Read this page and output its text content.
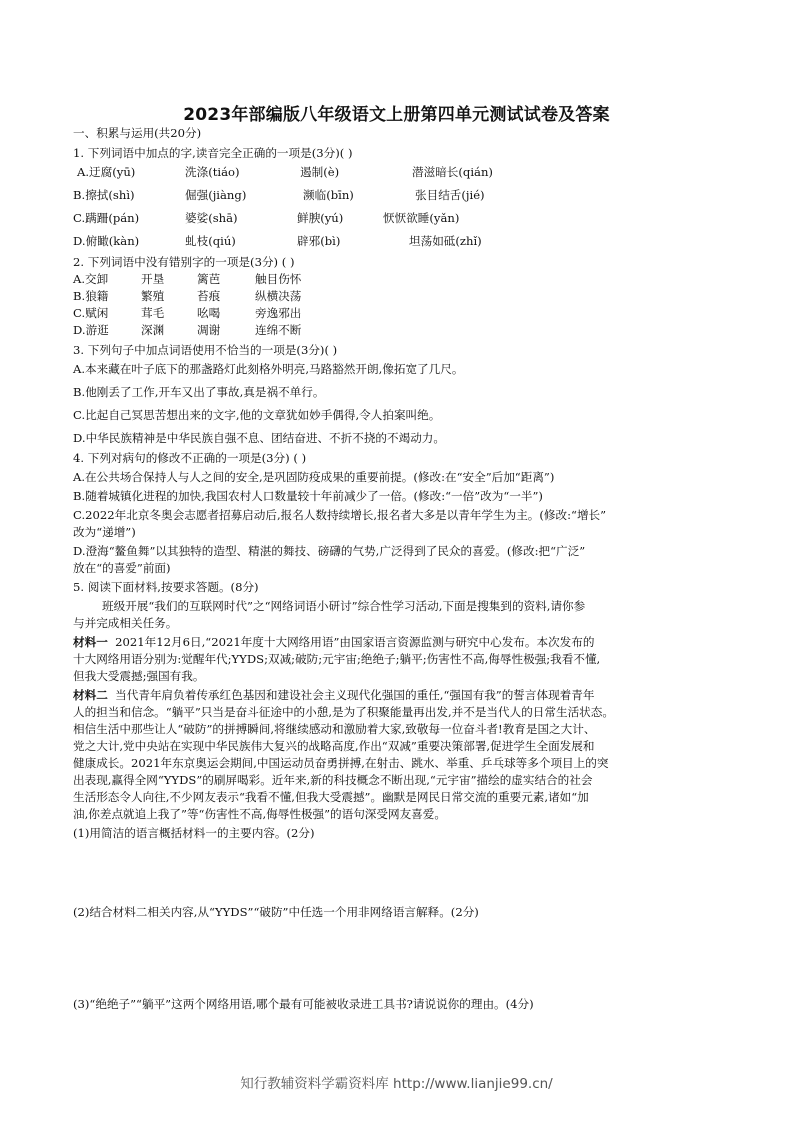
2023年部编版八年级语文上册第四单元测试试卷及答案
一、积累与运用(共20分)
1. 下列词语中加点的字,读音完全正确的一项是(3分)( )
A.迂腐(yū)	洗涤(tiáo)	遏制(è)	潜滋暗长(qián)
B.擦拭(shì)	倔强(jiàng)	濒临(bīn)	张目结舌(jié)
C.蹒跚(pán)	婆娑(shā)	鲜腴(yú)	恹恹欲睡(yǎn)
D.俯瞰(kàn)	虬枝(qiú)	辟邪(bì)	坦荡如砥(zhǐ)
2. 下列词语中没有错别字的一项是(3分) ( )
A.交卸	开垦	篱芭	触目伤怀
B.狼籍	繁殖	苔痕	纵横决荡
C.赋闲	茸毛	吆喝	旁逸邪出
D.游逛	深渊	凋谢	连绵不断
3. 下列句子中加点词语使用不恰当的一项是(3分)( )
A.本来藏在叶子底下的那盏路灯此刻格外明亮,马路豁然开朗,像拓宽了几尺。
B.他刚丢了工作,开车又出了事故,真是祸不单行。
C.比起自己冥思苦想出来的文字,他的文章犹如妙手偶得,令人拍案叫绝。
D.中华民族精神是中华民族自强不息、团结奋进、不折不挠的不竭动力。
4. 下列对病句的修改不正确的一项是(3分) ( )
A.在公共场合保持人与人之间的安全,是巩固防疫成果的重要前提。(修改:在“安全”后加“距离”)
B.随着城镇化进程的加快,我国农村人口数量较十年前减少了一倍。(修改:“一倍”改为“一半”)
C.2022年北京冬奥会志愿者招募启动后,报名人数持续增长,报名者大多是以青年学生为主。(修改:“增长”
改为“递增”)
D.澄海“鳌鱼舞”以其独特的造型、精湛的舞技、磅礴的气势,广泛得到了民众的喜爱。(修改:把“广泛”
放在“的喜爱”前面)
5. 阅读下面材料,按要求答题。(8分)
班级开展“我们的互联网时代”之“网络词语小研讨”综合性学习活动,下面是搜集到的资料,请你参
与并完成相关任务。
材料一 2021年12月6日,“2021年度十大网络用语”由国家语言资源监测与研究中心发布。本次发布的
十大网络用语分别为:觉醒年代;YYDS;双减;破防;元宇宙;绝绝子;躺平;伤害性不高,侮辱性极强;我看不懂,
但我大受震撼;强国有我。
材料二 当代青年肩负着传承红色基因和建设社会主义现代化强国的重任,“强国有我”的誓言体现着青年
人的担当和信念。“躺平”只当是奋斗征途中的小憩,是为了积聚能量再出发,并不是当代人的日常生活状态。
相信生活中那些让人“破防”的拼搏瞬间,将继续感动和激励着大家,致敬每一位奋斗者!教育是国之大计、
党之大计,党中央站在实现中华民族伟大复兴的战略高度,作出“双减”重要决策部署,促进学生全面发展和
健康成长。2021年东京奥运会期间,中国运动员奋勇拼搏,在射击、跳水、举重、乒乓球等多个项目上的突
出表现,赢得全网“YYDS”的刷屏喝彩。近年来,新的科技概念不断出现,“元宇宙”描绘的虚实结合的社会
生活形态令人向往,不少网友表示“我看不懂,但我大受震撼”。幽默是网民日常交流的重要元素,诸如“加
油,你差点就追上我了”等“伤害性不高,侮辱性极强”的语句深受网友喜爱。
(1)用简洁的语言概括材料一的主要内容。(2分)
(2)结合材料二相关内容,从“YYDS”“破防”中任选一个用非网络语言解释。(2分)
(3)“绝绝子”“躺平”这两个网络用语,哪个最有可能被收录进工具书?请说说你的理由。(4分)
知行教辅资料学霸资料库 http://www.lianjie99.cn/
